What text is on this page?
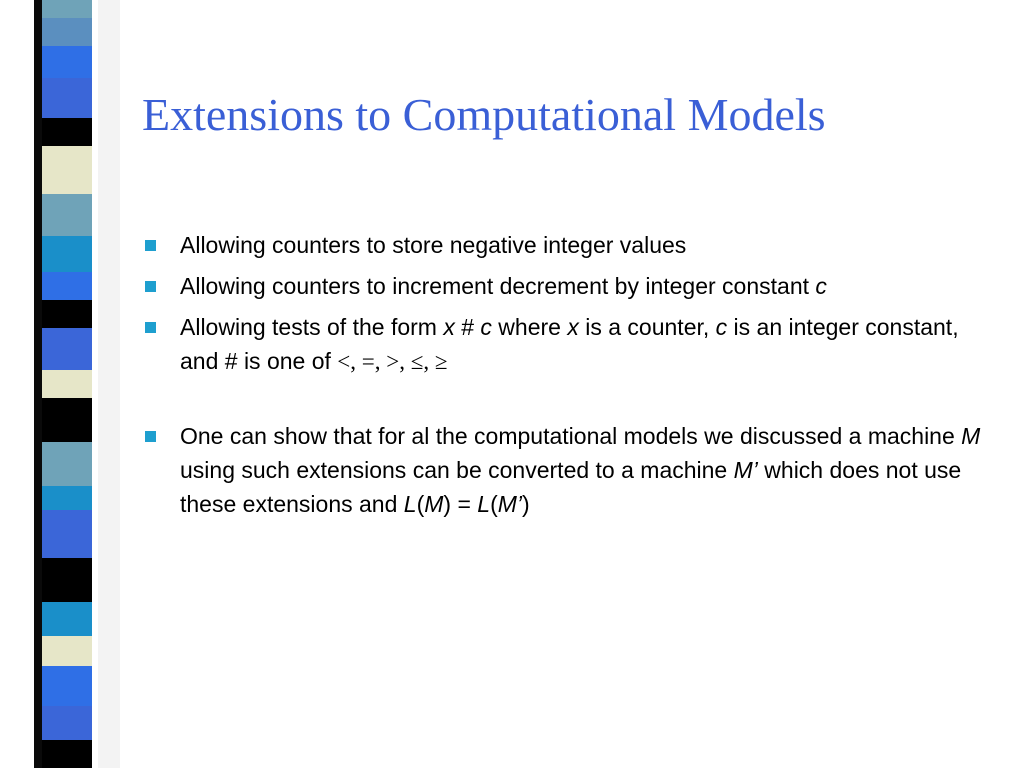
Extensions to Computational Models
Allowing counters to store negative integer values
Allowing counters to increment decrement by integer constant c
Allowing tests of the form x # c where x is a counter, c is an integer constant, and # is one of <, =, >, ≤, ≥
One can show that for al the computational models we discussed a machine M using such extensions can be converted to a machine M’ which does not use these extensions and L(M) = L(M’)
